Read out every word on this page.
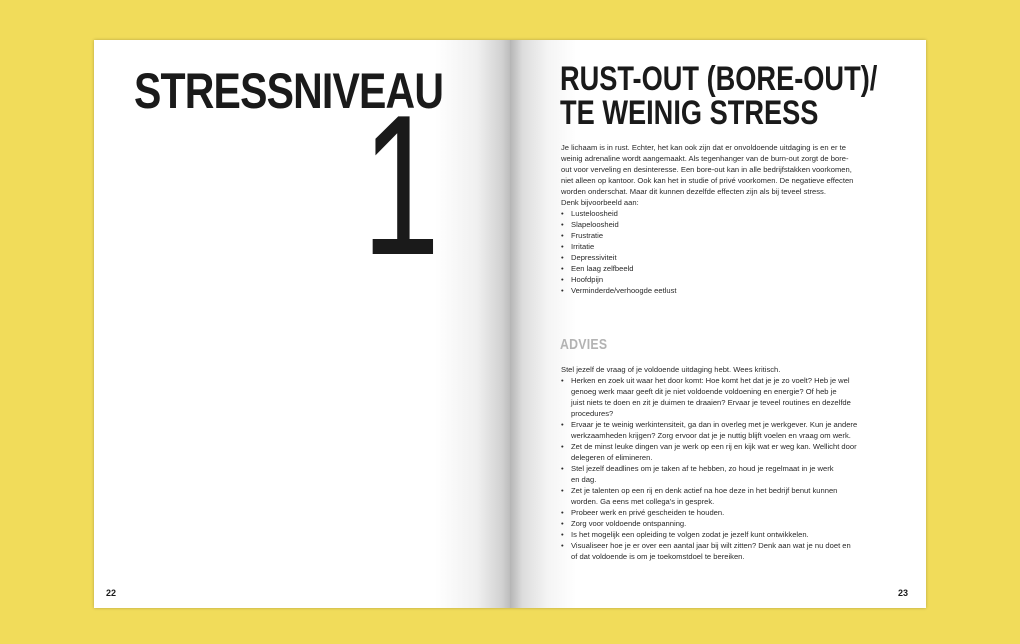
STRESSNIVEAU
1
22
RUST-OUT (BORE-OUT)/
TE WEINIG STRESS

Je lichaam is in rust. Echter, het kan ook zijn dat er onvoldoende uitdaging is en er te
weinig adrenaline wordt aangemaakt. Als tegenhanger van de burn-out zorgt de bore-
out voor verveling en desinteresse. Een bore-out kan in alle bedrijfstakken voorkomen,
niet alleen op kantoor. Ook kan het in studie of privé voorkomen. De negatieve effecten
worden onderschat. Maar dit kunnen dezelfde effecten zijn als bij teveel stress.
Denk bijvoorbeeld aan:

• Lusteloosheid
• Slapeloosheid
• Frustratie
• Irritatie
• Depressiviteit
• Een laag zelfbeeld
• Hoofdpijn
• Verminderde/verhoogde eetlust
ADVIES

Stel jezelf de vraag of je voldoende uitdaging hebt. Wees kritisch.

• Herken en zoek uit waar het door komt: Hoe komt het dat je je zo voelt? Heb je wel
genoeg werk maar geeft dit je niet voldoende voldoening en energie? Of heb je
juist niets te doen en zit je duimen te draaien? Ervaar je teveel routines en dezelfde
procedures?
• Ervaar je te weinig werkintensiteit, ga dan in overleg met je werkgever. Kun je andere
werkzaamheden krijgen? Zorg ervoor dat je je nuttig blijft voelen en vraag om werk.
• Zet de minst leuke dingen van je werk op een rij en kijk wat er weg kan. Wellicht door
delegeren of elimineren.
• Stel jezelf deadlines om je taken af te hebben, zo houd je regelmaat in je werk
en dag.
• Zet je talenten op een rij en denk actief na hoe deze in het bedrijf benut kunnen
worden. Ga eens met collega's in gesprek.
• Probeer werk en privé gescheiden te houden.
• Zorg voor voldoende ontspanning.
• Is het mogelijk een opleiding te volgen zodat je jezelf kunt ontwikkelen.
• Visualiseer hoe je er over een aantal jaar bij wilt zitten? Denk aan wat je nu doet en
of dat voldoende is om je toekomstdoel te bereiken.
23
